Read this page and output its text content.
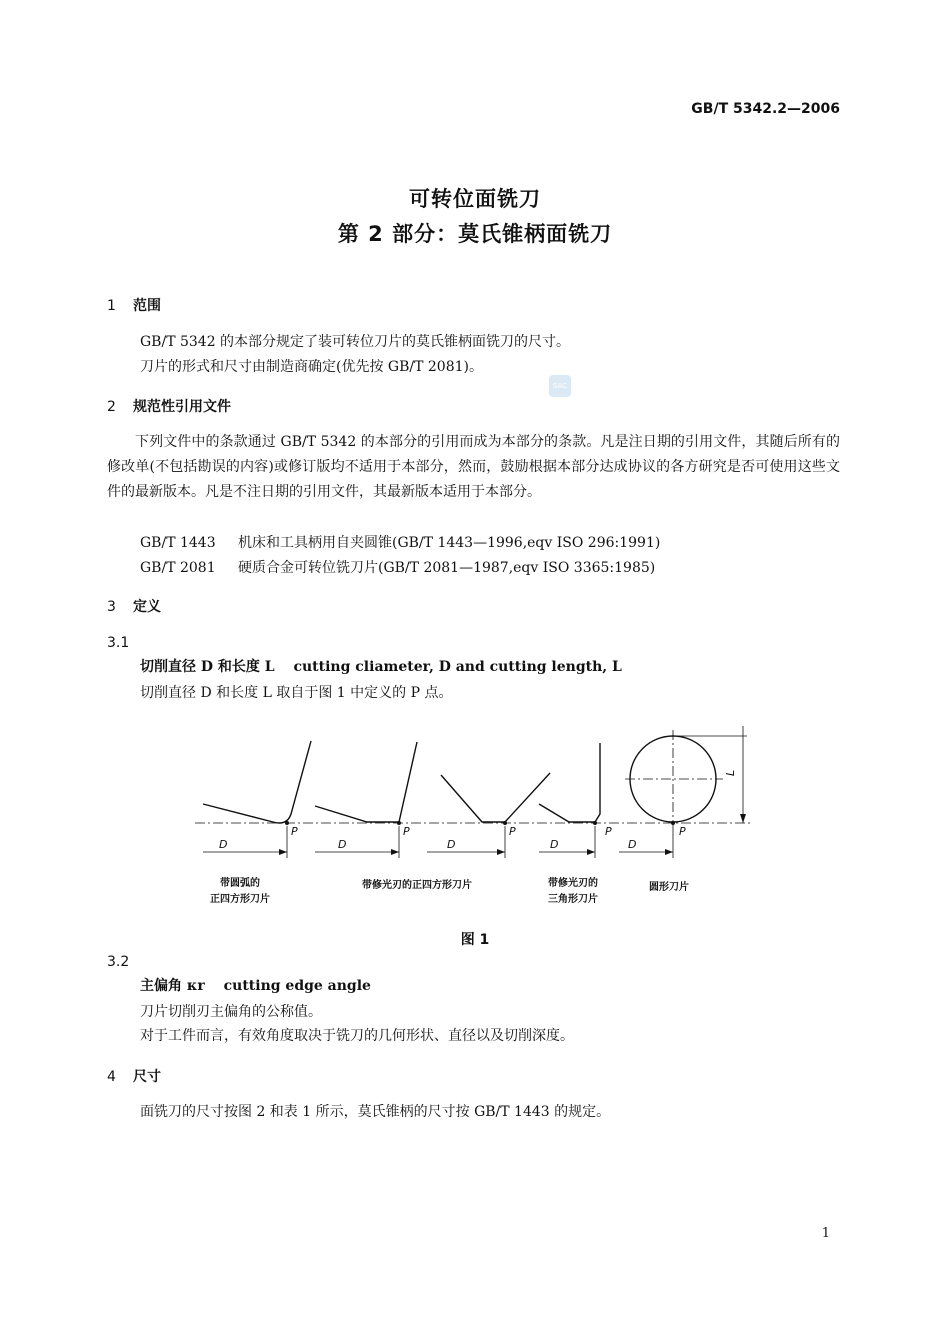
GB/T 5342.2—2006
可转位面铣刀
第 2 部分：莫氏锥柄面铣刀
1 范围
GB/T 5342 的本部分规定了装可转位刀片的莫氏锥柄面铣刀的尺寸。
刀片的形式和尺寸由制造商确定(优先按 GB/T 2081)。
SAC
2 规范性引用文件
下列文件中的条款通过 GB/T 5342 的本部分的引用而成为本部分的条款。凡是注日期的引用文件，其随后所有的修改单(不包括勘误的内容)或修订版均不适用于本部分，然而，鼓励根据本部分达成协议的各方研究是否可使用这些文件的最新版本。凡是不注日期的引用文件，其最新版本适用于本部分。
GB/T 1443 机床和工具柄用自夹圆锥(GB/T 1443—1996,eqv ISO 296:1991)
GB/T 2081 硬质合金可转位铣刀片(GB/T 2081—1987,eqv ISO 3365:1985)
3 定义
3.1
切削直径 D 和长度 L　 cutting cliameter, D and cutting length, L
切削直径 D 和长度 L 取自于图 1 中定义的 P 点。
L
P	P	P	P	P
D	D	D	D	D
带圆弧的
正四方形刀片
带修光刃的正四方形刀片	带修光刃的
三角形刀片
圆形刀片
图 1
3.2
主偏角 κr　 cutting edge angle
刀片切削刃主偏角的公称值。
对于工件而言，有效角度取决于铣刀的几何形状、直径以及切削深度。
4 尺寸
面铣刀的尺寸按图 2 和表 1 所示，莫氏锥柄的尺寸按 GB/T 1443 的规定。
1
